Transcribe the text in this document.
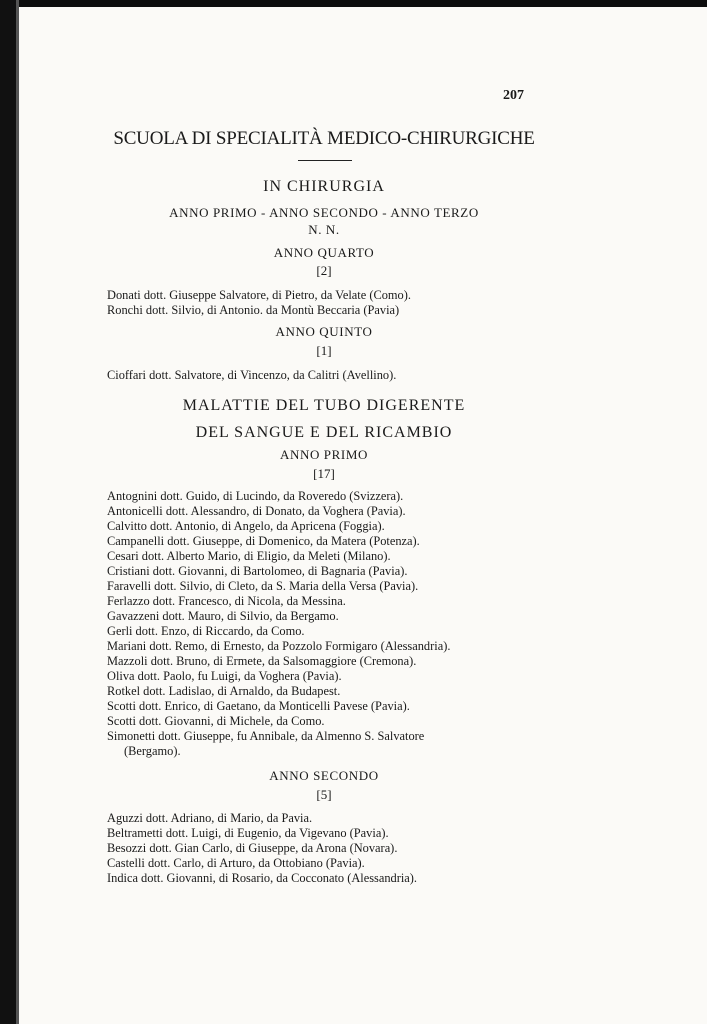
207
SCUOLA DI SPECIALITÀ MEDICO-CHIRURGICHE
IN CHIRURGIA
ANNO PRIMO - ANNO SECONDO - ANNO TERZO
N. N.
ANNO QUARTO
[2]
Donati dott. Giuseppe Salvatore, di Pietro, da Velate (Como).
Ronchi dott. Silvio, di Antonio. da Montù Beccaria (Pavia)
ANNO QUINTO
[1]
Cioffari dott. Salvatore, di Vincenzo, da Calitri (Avellino).
MALATTIE DEL TUBO DIGERENTE
DEL SANGUE E DEL RICAMBIO
ANNO PRIMO
[17]
Antognini dott. Guido, di Lucindo, da Roveredo (Svizzera).
Antonicelli dott. Alessandro, di Donato, da Voghera (Pavia).
Calvitto dott. Antonio, di Angelo, da Apricena (Foggia).
Campanelli dott. Giuseppe, di Domenico, da Matera (Potenza).
Cesari dott. Alberto Mario, di Eligio, da Meleti (Milano).
Cristiani dott. Giovanni, di Bartolomeo, di Bagnaria (Pavia).
Faravelli dott. Silvio, di Cleto, da S. Maria della Versa (Pavia).
Ferlazzo dott. Francesco, di Nicola, da Messina.
Gavazzeni dott. Mauro, di Silvio, da Bergamo.
Gerli dott. Enzo, di Riccardo, da Como.
Mariani dott. Remo, di Ernesto, da Pozzolo Formigaro (Alessandria).
Mazzoli dott. Bruno, di Ermete, da Salsomaggiore (Cremona).
Oliva dott. Paolo, fu Luigi, da Voghera (Pavia).
Rotkel dott. Ladislao, di Arnaldo, da Budapest.
Scotti dott. Enrico, di Gaetano, da Monticelli Pavese (Pavia).
Scotti dott. Giovanni, di Michele, da Como.
Simonetti dott. Giuseppe, fu Annibale, da Almenno S. Salvatore
(Bergamo).
ANNO SECONDO
[5]
Aguzzi dott. Adriano, di Mario, da Pavia.
Beltrametti dott. Luigi, di Eugenio, da Vigevano (Pavia).
Besozzi dott. Gian Carlo, di Giuseppe, da Arona (Novara).
Castelli dott. Carlo, di Arturo, da Ottobiano (Pavia).
Indica dott. Giovanni, di Rosario, da Cocconato (Alessandria).
